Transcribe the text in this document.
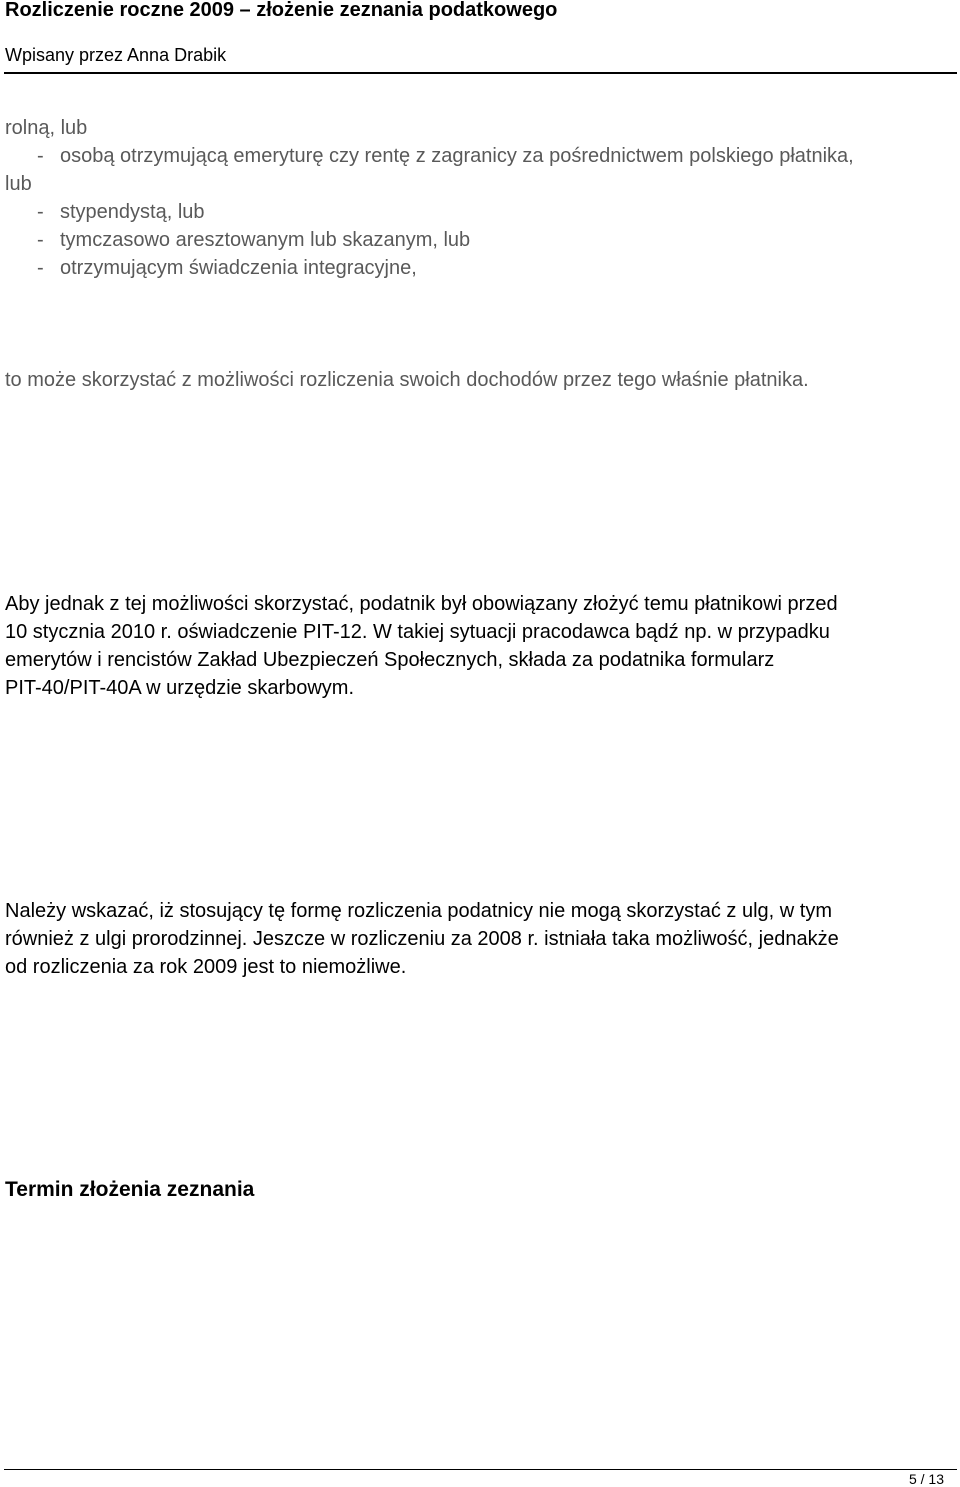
Rozliczenie roczne 2009 – złożenie zeznania podatkowego
Wpisany przez Anna Drabik
rolną, lub
- osobą otrzymującą emeryturę czy rentę z zagranicy za pośrednictwem polskiego płatnika,
lub
- stypendystą, lub
- tymczasowo aresztowanym lub skazanym, lub
- otrzymującym świadczenia integracyjne,
to może skorzystać z możliwości rozliczenia swoich dochodów przez tego właśnie płatnika.
Aby jednak z tej możliwości skorzystać, podatnik był obowiązany złożyć temu płatnikowi przed
10 stycznia 2010 r. oświadczenie PIT-12. W takiej sytuacji pracodawca bądź np. w przypadku
emerytów i rencistów Zakład Ubezpieczeń Społecznych, składa za podatnika formularz
PIT-40/PIT-40A w urzędzie skarbowym.
Należy wskazać, iż stosujący tę formę rozliczenia podatnicy nie mogą skorzystać z ulg, w tym
również z ulgi prorodzinnej. Jeszcze w rozliczeniu za 2008 r. istniała taka możliwość, jednakże
od rozliczenia za rok 2009 jest to niemożliwe.
Termin złożenia zeznania
5 / 13
